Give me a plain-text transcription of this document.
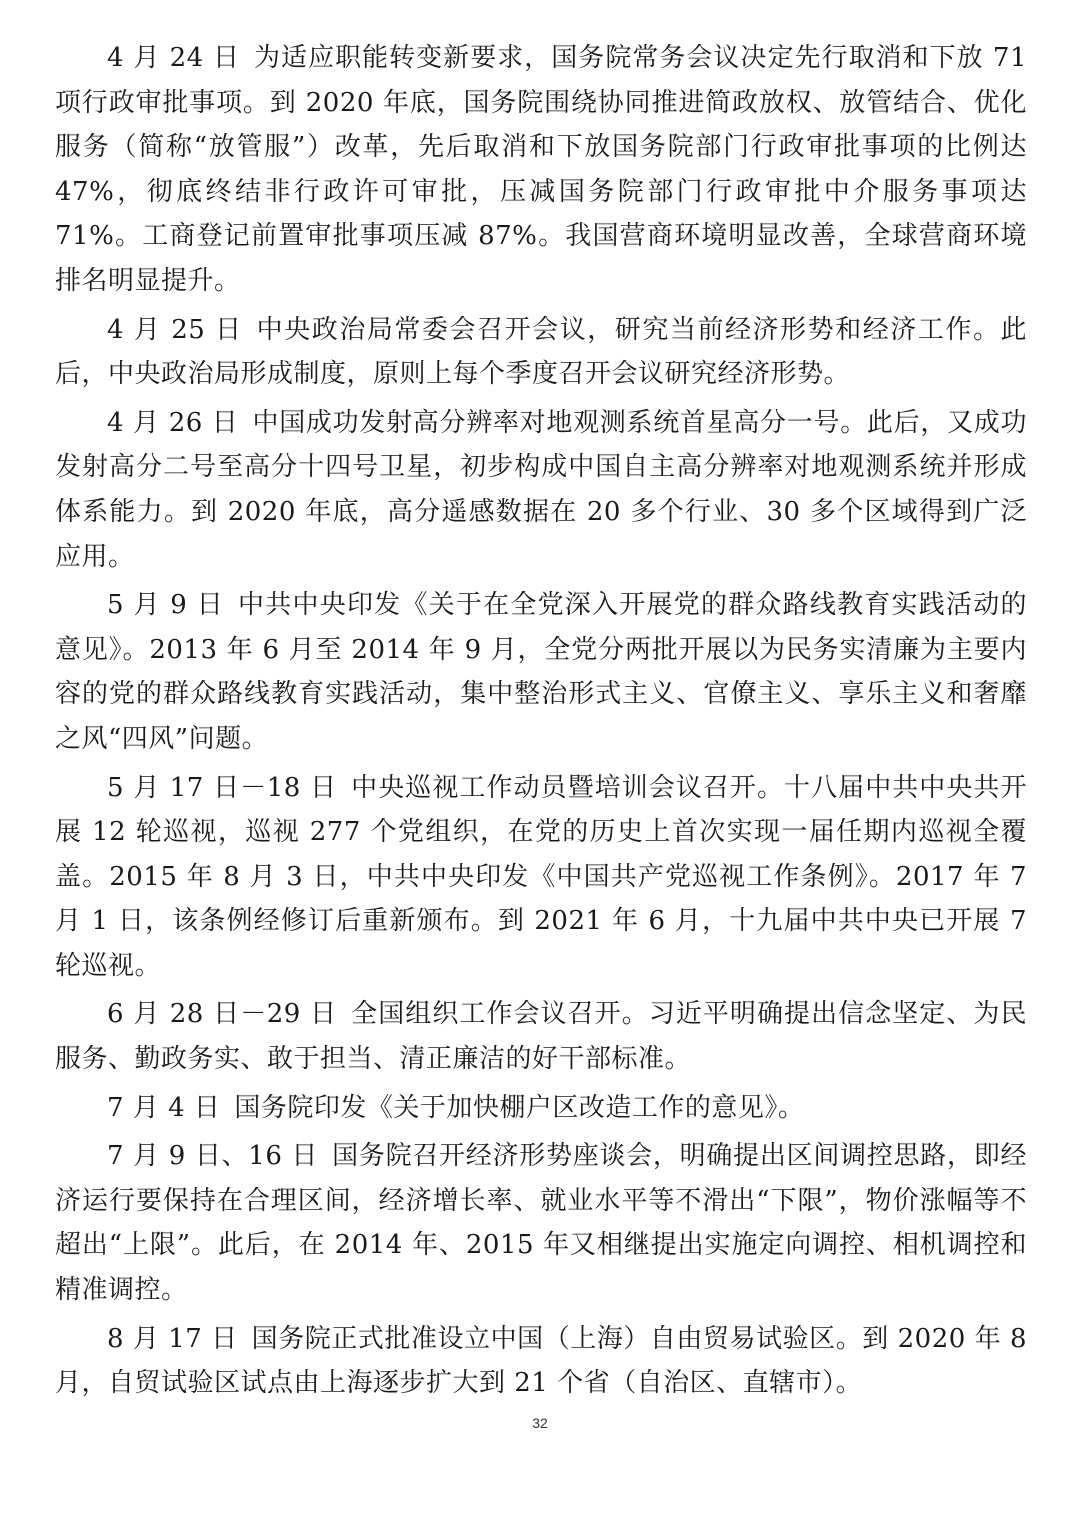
4 月 24 日 为适应职能转变新要求，国务院常务会议决定先行取消和下放 71 项行政审批事项。到 2020 年底，国务院围绕协同推进简政放权、放管结合、优化服务（简称“放管服”）改革，先后取消和下放国务院部门行政审批事项的比例达 47%，彻底终结非行政许可审批，压减国务院部门行政审批中介服务事项达 71%。工商登记前置审批事项压减 87%。我国营商环境明显改善，全球营商环境排名明显提升。

4 月 25 日 中央政治局常委会召开会议，研究当前经济形势和经济工作。此后，中央政治局形成制度，原则上每个季度召开会议研究经济形势。

4 月 26 日 中国成功发射高分辨率对地观测系统首星高分一号。此后，又成功发射高分二号至高分十四号卫星，初步构成中国自主高分辨率对地观测系统并形成体系能力。到 2020 年底，高分遥感数据在 20 多个行业、30 多个区域得到广泛应用。

5 月 9 日 中共中央印发《关于在全党深入开展党的群众路线教育实践活动的意见》。2013 年 6 月至 2014 年 9 月，全党分两批开展以为民务实清廉为主要内容的党的群众路线教育实践活动，集中整治形式主义、官僚主义、享乐主义和奢靡之风“四风”问题。

5 月 17 日－18 日 中央巡视工作动员暨培训会议召开。十八届中共中央共开展 12 轮巡视，巡视 277 个党组织，在党的历史上首次实现一届任期内巡视全覆盖。2015 年 8 月 3 日，中共中央印发《中国共产党巡视工作条例》。2017 年 7 月 1 日，该条例经修订后重新颁布。到 2021 年 6 月，十九届中共中央已开展 7 轮巡视。

6 月 28 日－29 日 全国组织工作会议召开。习近平明确提出信念坚定、为民服务、勤政务实、敢于担当、清正廉洁的好干部标准。

7 月 4 日 国务院印发《关于加快棚户区改造工作的意见》。

7 月 9 日、16 日 国务院召开经济形势座谈会，明确提出区间调控思路，即经济运行要保持在合理区间，经济增长率、就业水平等不滑出“下限”，物价涨幅等不超出“上限”。此后，在 2014 年、2015 年又相继提出实施定向调控、相机调控和精准调控。

8 月 17 日 国务院正式批准设立中国（上海）自由贸易试验区。到 2020 年 8 月，自贸试验区试点由上海逐步扩大到 21 个省（自治区、直辖市）。

32
